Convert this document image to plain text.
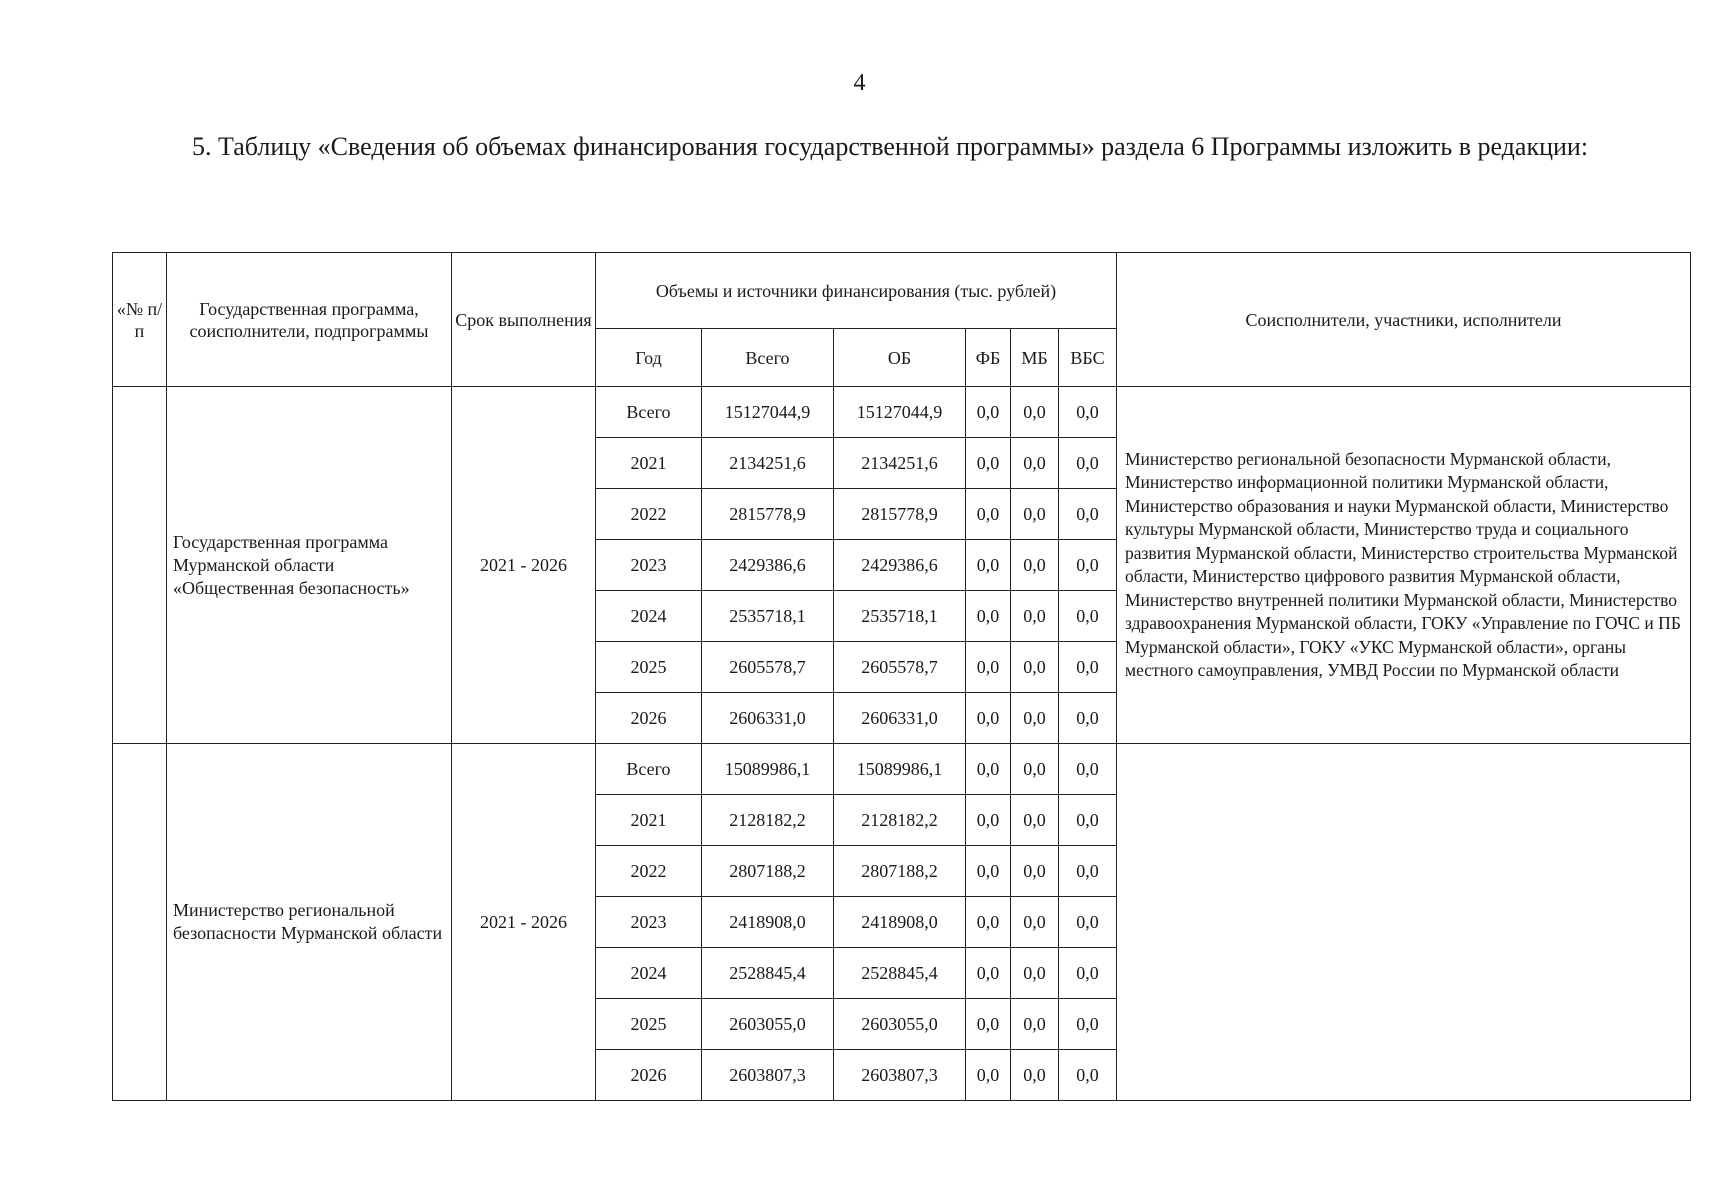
4
5. Таблицу «Сведения об объемах финансирования государственной программы» раздела 6 Программы изложить в редакции:
«№ п/п	Государственная программа, соисполнители, подпрограммы	Срок выполнения	Объемы и источники финансирования (тыс. рублей)						Соисполнители, участники, исполнители
			Год	Всего	ОБ	ФБ	МБ	ВБС	
	Государственная программа Мурманской области «Общественная безопасность»	2021 - 2026	Всего	15127044,9	15127044,9	0,0	0,0	0,0	Министерство региональной безопасности Мурманской области, Министерство информационной политики Мурманской области, Министерство образования и науки Мурманской области, Министерство культуры Мурманской области, Министерство труда и социального развития Мурманской области, Министерство строительства Мурманской области, Министерство цифрового развития Мурманской области, Министерство внутренней политики Мурманской области, Министерство здравоохранения Мурманской области, ГОКУ «Управление по ГОЧС и ПБ Мурманской области», ГОКУ «УКС Мурманской области», органы местного самоуправления, УМВД России по Мурманской области
			2021	2134251,6	2134251,6	0,0	0,0	0,0	
			2022	2815778,9	2815778,9	0,0	0,0	0,0	
			2023	2429386,6	2429386,6	0,0	0,0	0,0	
			2024	2535718,1	2535718,1	0,0	0,0	0,0	
			2025	2605578,7	2605578,7	0,0	0,0	0,0	
			2026	2606331,0	2606331,0	0,0	0,0	0,0	
	Министерство региональной безопасности Мурманской области	2021 - 2026	Всего	15089986,1	15089986,1	0,0	0,0	0,0	
			2021	2128182,2	2128182,2	0,0	0,0	0,0	
			2022	2807188,2	2807188,2	0,0	0,0	0,0	
			2023	2418908,0	2418908,0	0,0	0,0	0,0	
			2024	2528845,4	2528845,4	0,0	0,0	0,0	
			2025	2603055,0	2603055,0	0,0	0,0	0,0	
			2026	2603807,3	2603807,3	0,0	0,0	0,0	
